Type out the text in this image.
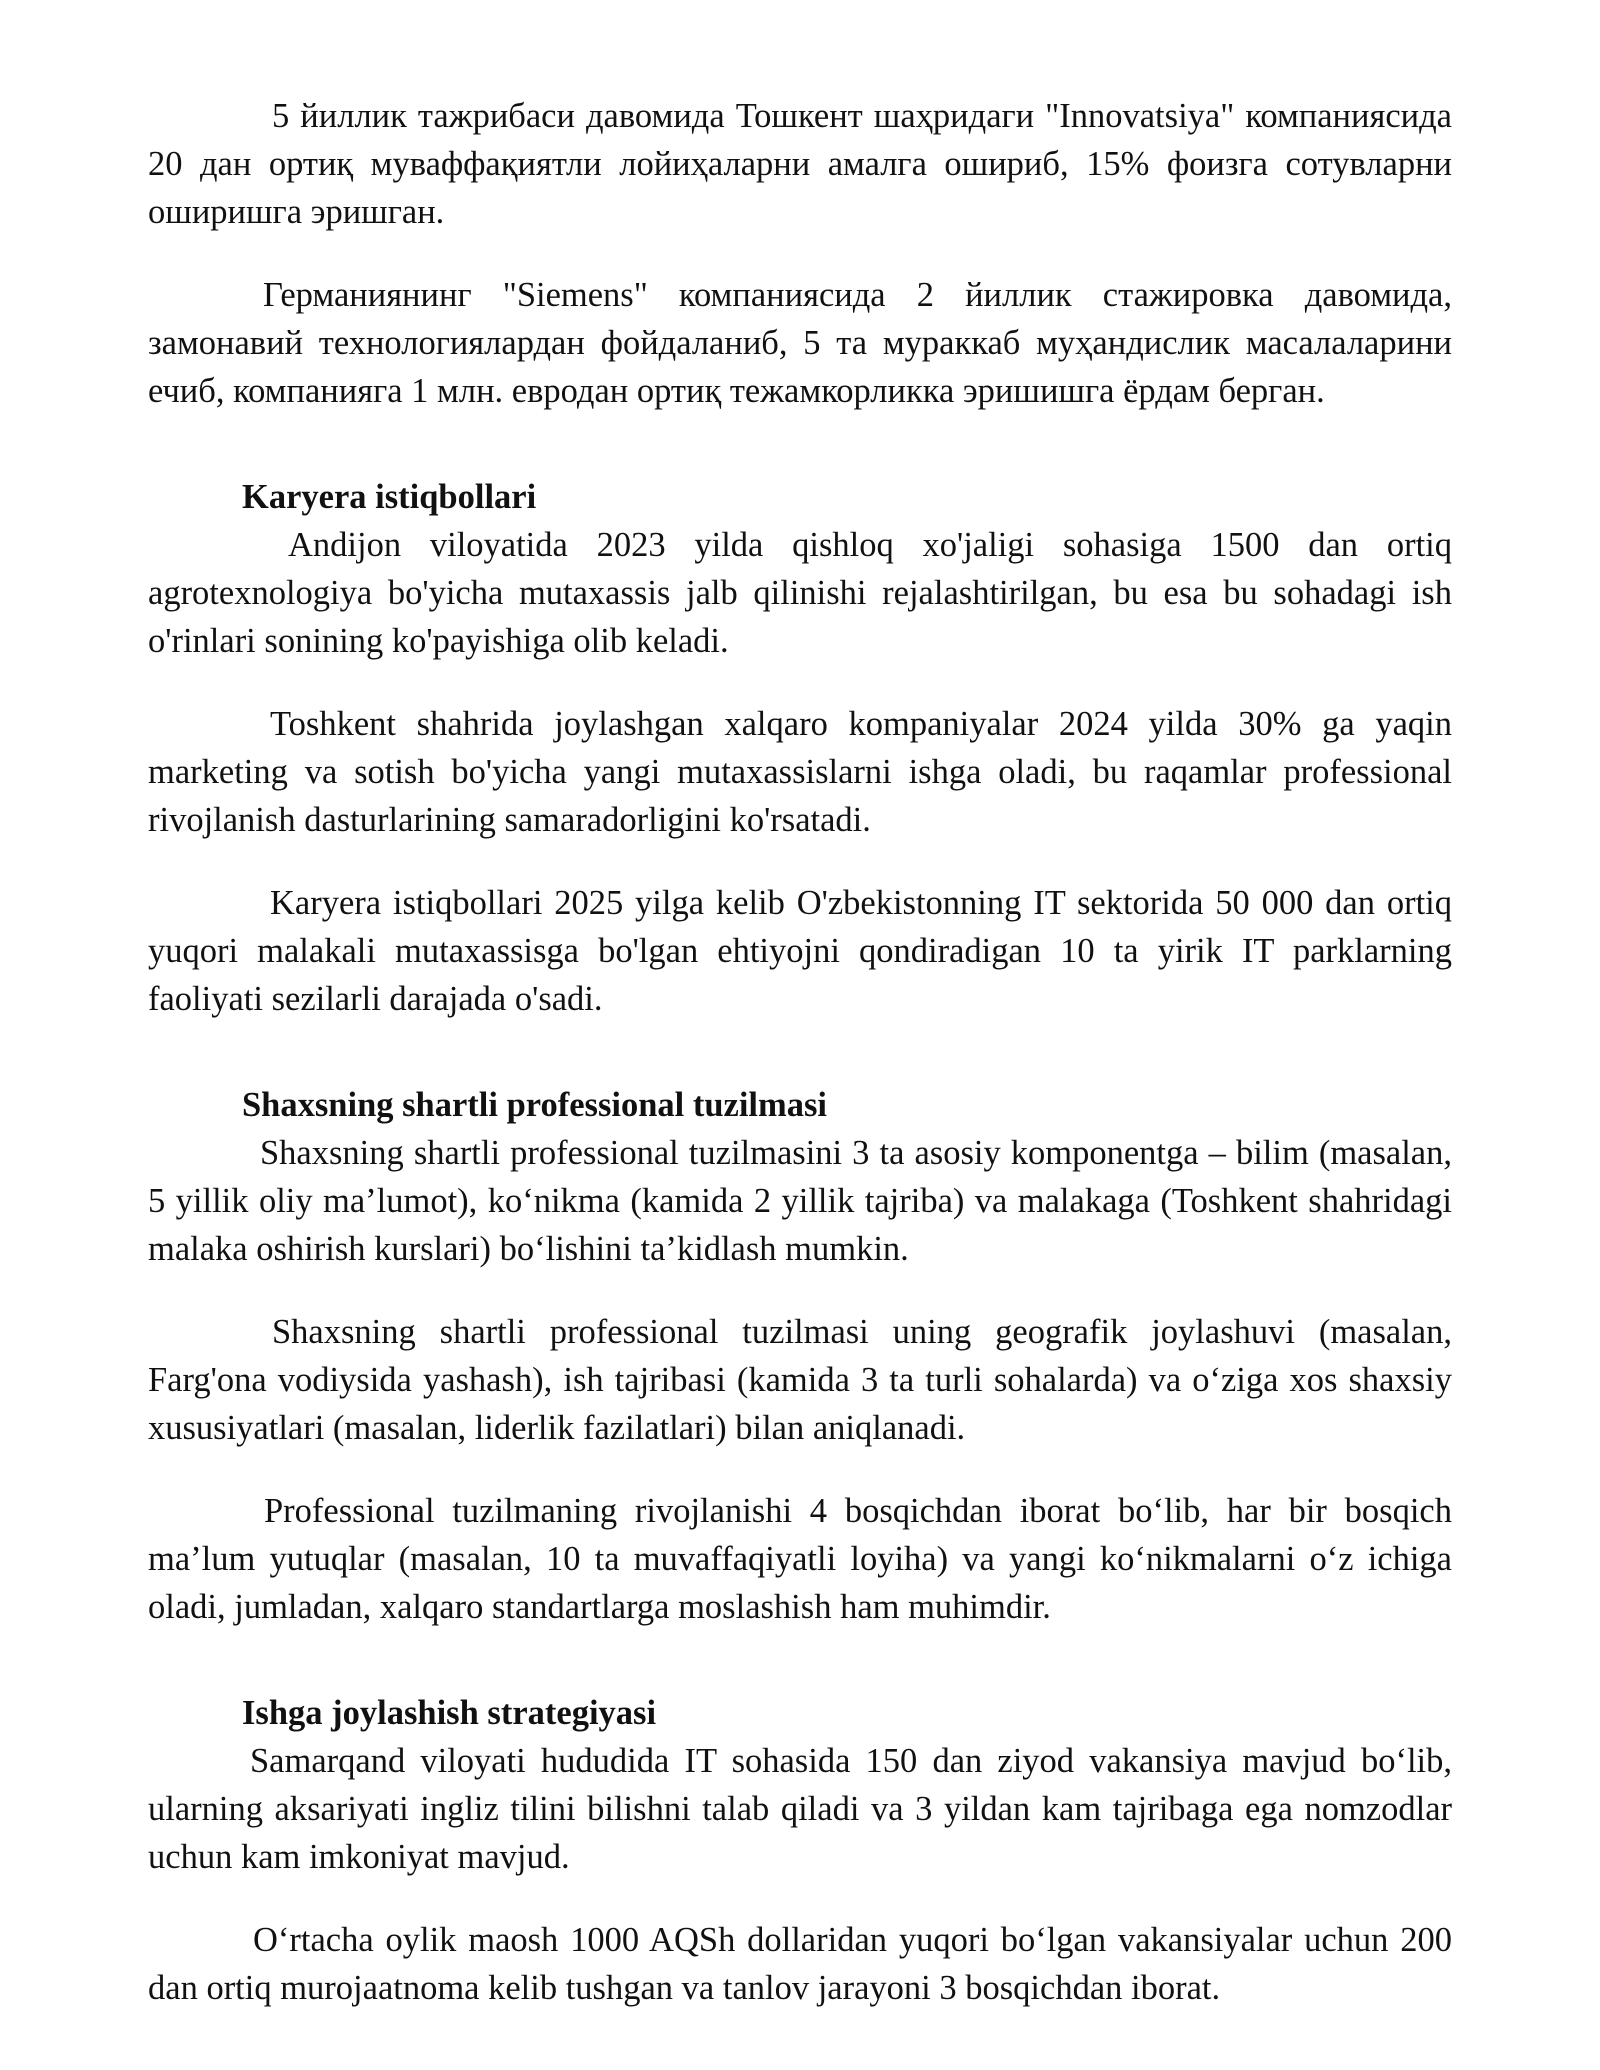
5 йиллик тажрибаси давомида Тошкент шаҳридаги "Innovatsiya" компаниясида 20 дан ортиқ муваффақиятли лойиҳаларни амалга ошириб, 15% фоизга сотувларни оширишга эришган.

Германиянинг "Siemens" компаниясида 2 йиллик стажировка давомида, замонавий технологиялардан фойдаланиб, 5 та мураккаб муҳандислик масалаларини ечиб, компанияга 1 млн. евродан ортиқ тежамкорликка эришишга ёрдам берган.

Karyera istiqbollari

Andijon viloyatida 2023 yilda qishloq xo'jaligi sohasiga 1500 dan ortiq agrotexnologiya bo'yicha mutaxassis jalb qilinishi rejalashtirilgan, bu esa bu sohadagi ish o'rinlari sonining ko'payishiga olib keladi.

Toshkent shahrida joylashgan xalqaro kompaniyalar 2024 yilda 30% ga yaqin marketing va sotish bo'yicha yangi mutaxassislarni ishga oladi, bu raqamlar professional rivojlanish dasturlarining samaradorligini ko'rsatadi.

Karyera istiqbollari 2025 yilga kelib O'zbekistonning IT sektorida 50 000 dan ortiq yuqori malakali mutaxassisga bo'lgan ehtiyojni qondiradigan 10 ta yirik IT parklarning faoliyati sezilarli darajada o'sadi.

Shaxsning shartli professional tuzilmasi

Shaxsning shartli professional tuzilmasini 3 ta asosiy komponentga – bilim (masalan, 5 yillik oliy ma’lumot), ko‘nikma (kamida 2 yillik tajriba) va malakaga (Toshkent shahridagi malaka oshirish kurslari) bo‘lishini ta’kidlash mumkin.

Shaxsning shartli professional tuzilmasi uning geografik joylashuvi (masalan, Farg'ona vodiysida yashash), ish tajribasi (kamida 3 ta turli sohalarda) va o‘ziga xos shaxsiy xususiyatlari (masalan, liderlik fazilatlari) bilan aniqlanadi.

Professional tuzilmaning rivojlanishi 4 bosqichdan iborat bo‘lib, har bir bosqich ma’lum yutuqlar (masalan, 10 ta muvaffaqiyatli loyiha) va yangi ko‘nikmalarni o‘z ichiga oladi, jumladan, xalqaro standartlarga moslashish ham muhimdir.

Ishga joylashish strategiyasi

Samarqand viloyati hududida IT sohasida 150 dan ziyod vakansiya mavjud bo‘lib, ularning aksariyati ingliz tilini bilishni talab qiladi va 3 yildan kam tajribaga ega nomzodlar uchun kam imkoniyat mavjud.

O‘rtacha oylik maosh 1000 AQSh dollaridan yuqori bo‘lgan vakansiyalar uchun 200 dan ortiq murojaatnoma kelib tushgan va tanlov jarayoni 3 bosqichdan iborat.
